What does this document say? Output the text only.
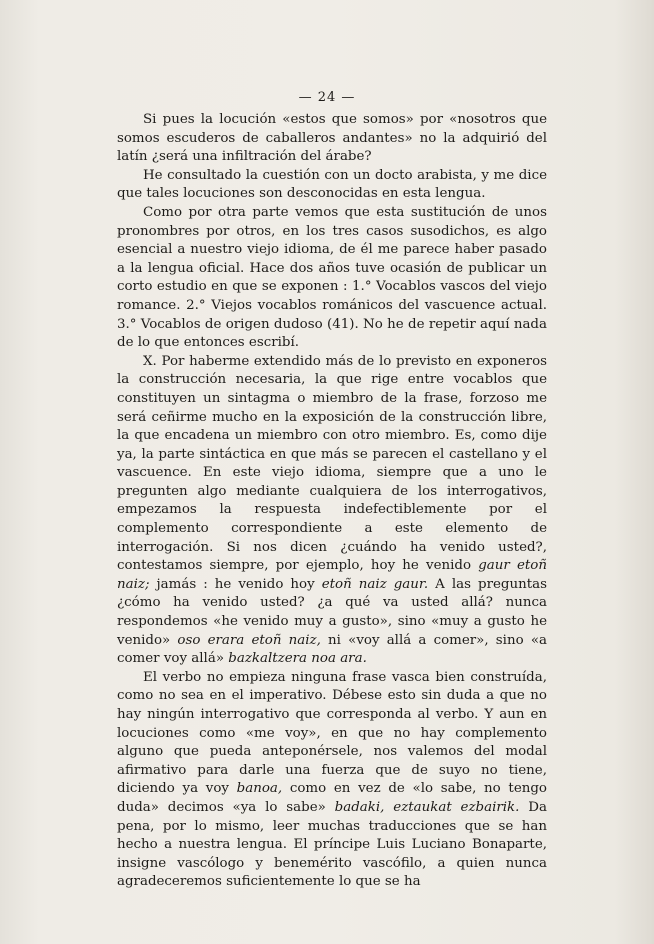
— 24 —

Si pues la locución «estos que somos» por «nosotros que somos escuderos de caballeros andantes» no la adquirió del latín ¿será una infiltración del árabe?

He consultado la cuestión con un docto arabista, y me dice que tales locuciones son desconocidas en esta lengua.

Como por otra parte vemos que esta sustitución de unos pronombres por otros, en los tres casos susodichos, es algo esencial a nuestro viejo idioma, de él me parece haber pasado a la lengua oficial. Hace dos años tuve ocasión de publicar un corto estudio en que se exponen : 1.° Vocablos vascos del viejo romance. 2.° Viejos vocablos románicos del vascuence actual. 3.° Vocablos de origen dudoso (41). No he de repetir aquí nada de lo que entonces escribí.

X. Por haberme extendido más de lo previsto en exponeros la construcción necesaria, la que rige entre vocablos que constituyen un sintagma o miembro de la frase, forzoso me será ceñirme mucho en la exposición de la construcción libre, la que encadena un miembro con otro miembro. Es, como dije ya, la parte sintáctica en que más se parecen el castellano y el vascuence. En este viejo idioma, siempre que a uno le pregunten algo mediante cualquiera de los interrogativos, empezamos la respuesta indefectiblemente por el complemento correspondiente a este elemento de interrogación. Si nos dicen ¿cuándo ha venido usted?, contestamos siempre, por ejemplo, hoy he venido gaur etoñ naiz; jamás : he venido hoy etoñ naiz gaur. A las preguntas ¿cómo ha venido usted? ¿a qué va usted allá? nunca respondemos «he venido muy a gusto», sino «muy a gusto he venido» oso erara etoñ naiz, ni «voy allá a comer», sino «a comer voy allá» bazkaltzera noa ara.

El verbo no empieza ninguna frase vasca bien construída, como no sea en el imperativo. Débese esto sin duda a que no hay ningún interrogativo que corresponda al verbo. Y aun en locuciones como «me voy», en que no hay complemento alguno que pueda anteponérsele, nos valemos del modal afirmativo para darle una fuerza que de suyo no tiene, diciendo ya voy banoa, como en vez de «lo sabe, no tengo duda» decimos «ya lo sabe» badaki, eztaukat ezbairik. Da pena, por lo mismo, leer muchas traducciones que se han hecho a nuestra lengua. El príncipe Luis Luciano Bonaparte, insigne vascólogo y benemérito vascófilo, a quien nunca agradeceremos suficientemente lo que se ha
